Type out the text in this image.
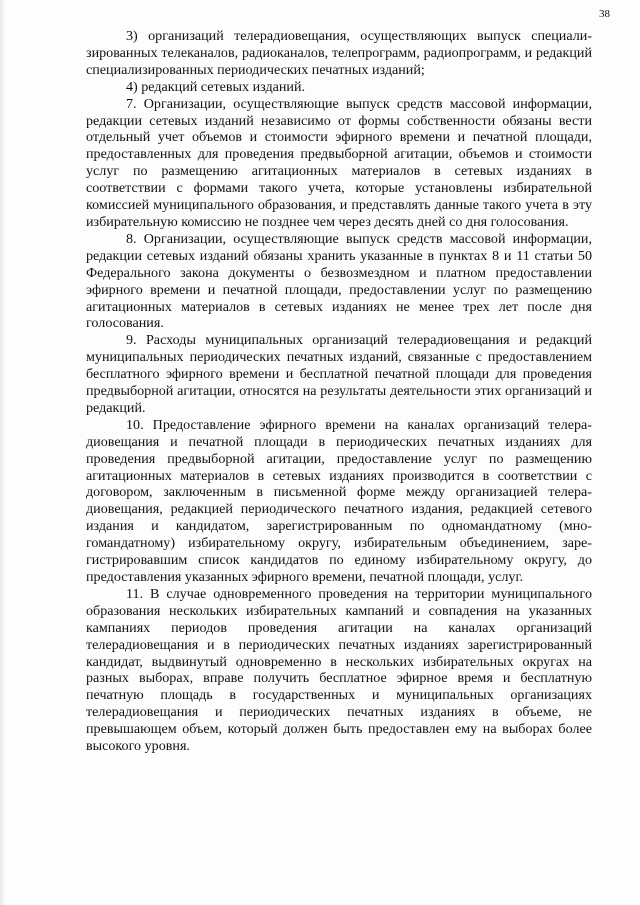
38

3) организаций телерадиовещания, осуществляющих выпуск специализированных телеканалов, радиоканалов, телепрограмм, радиопрограмм, и редакций специализированных периодических печатных изданий;

4) редакций сетевых изданий.

7. Организации, осуществляющие выпуск средств массовой информации, редакции сетевых изданий независимо от формы собственности обязаны вести отдельный учет объемов и стоимости эфирного времени и печатной площади, предоставленных для проведения предвыборной агитации, объемов и стоимости услуг по размещению агитационных материалов в сетевых изданиях в соответствии с формами такого учета, которые установлены избирательной комиссией муниципального образования, и представлять данные такого учета в эту избирательную комиссию не позднее чем через десять дней со дня голосования.

8. Организации, осуществляющие выпуск средств массовой информации, редакции сетевых изданий обязаны хранить указанные в пунктах 8 и 11 статьи 50 Федерального закона документы о безвозмездном и платном предоставлении эфирного времени и печатной площади, предоставлении услуг по размещению агитационных материалов в сетевых изданиях не менее трех лет после дня голосования.

9. Расходы муниципальных организаций телерадиовещания и редакций муниципальных периодических печатных изданий, связанные с предоставлением бесплатного эфирного времени и бесплатной печатной площади для проведения предвыборной агитации, относятся на результаты деятельности этих организаций и редакций.

10. Предоставление эфирного времени на каналах организаций телерадиовещания и печатной площади в периодических печатных изданиях для проведения предвыборной агитации, предоставление услуг по размещению агитационных материалов в сетевых изданиях производится в соответствии с договором, заключенным в письменной форме между организацией телерадиовещания, редакцией периодического печатного издания, редакцией сетевого издания и кандидатом, зарегистрированным по одномандатному (многомандатному) избирательному округу, избирательным объединением, зарегистрировавшим список кандидатов по единому избирательному округу, до предоставления указанных эфирного времени, печатной площади, услуг.

11. В случае одновременного проведения на территории муниципального образования нескольких избирательных кампаний и совпадения на указанных кампаниях периодов проведения агитации на каналах организаций телерадиовещания и в периодических печатных изданиях зарегистрированный кандидат, выдвинутый одновременно в нескольких избирательных округах на разных выборах, вправе получить бесплатное эфирное время и бесплатную печатную площадь в государственных и муниципальных организациях телерадиовещания и периодических печатных изданиях в объеме, не превышающем объем, который должен быть предоставлен ему на выборах более высокого уровня.
